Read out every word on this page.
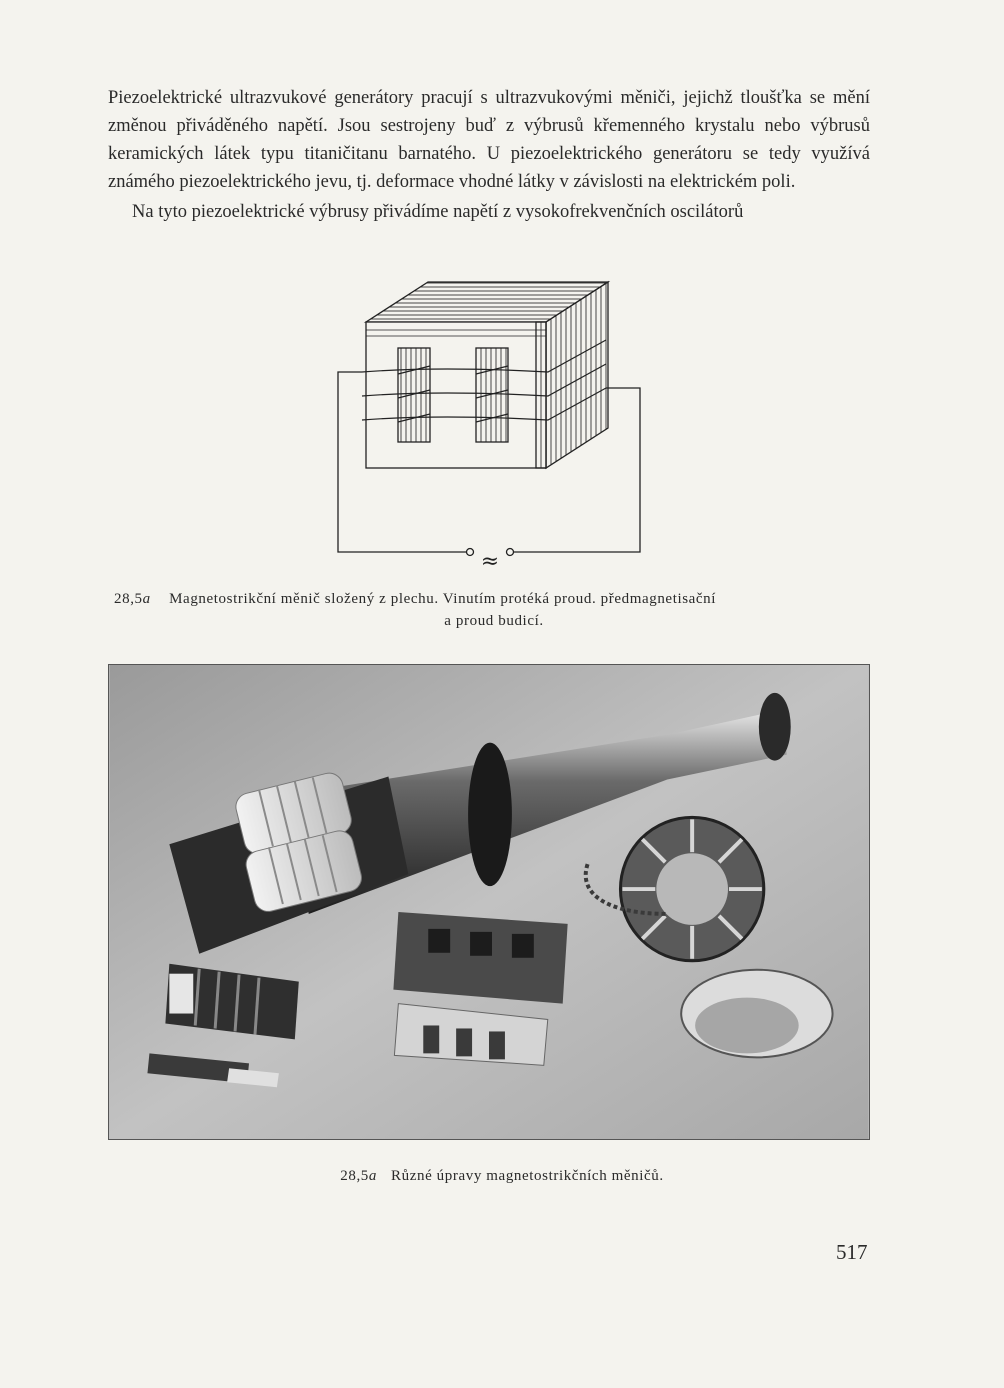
Piezoelektrické ultrazvukové generátory pracují s ultrazvukovými měniči, jejichž tloušťka se mění změnou přiváděného napětí. Jsou sestrojeny buď z výbrusů křemenného krystalu nebo výbrusů keramických látek typu titaničitanu barnatého. U piezoelektrického generátoru se tedy využívá známého piezoelektrického jevu, tj. deformace vhodné látky v závislosti na elektrickém poli.

Na tyto piezoelektrické výbrusy přivádíme napětí z vysokofrekvenčních oscilátorů

≈
28,5a Magnetostrikční měnič složený z plechu. Vinutím protéká proud. předmagnetisační
a proud budicí.
28,5a Různé úpravy magnetostrikčních měničů.
517
